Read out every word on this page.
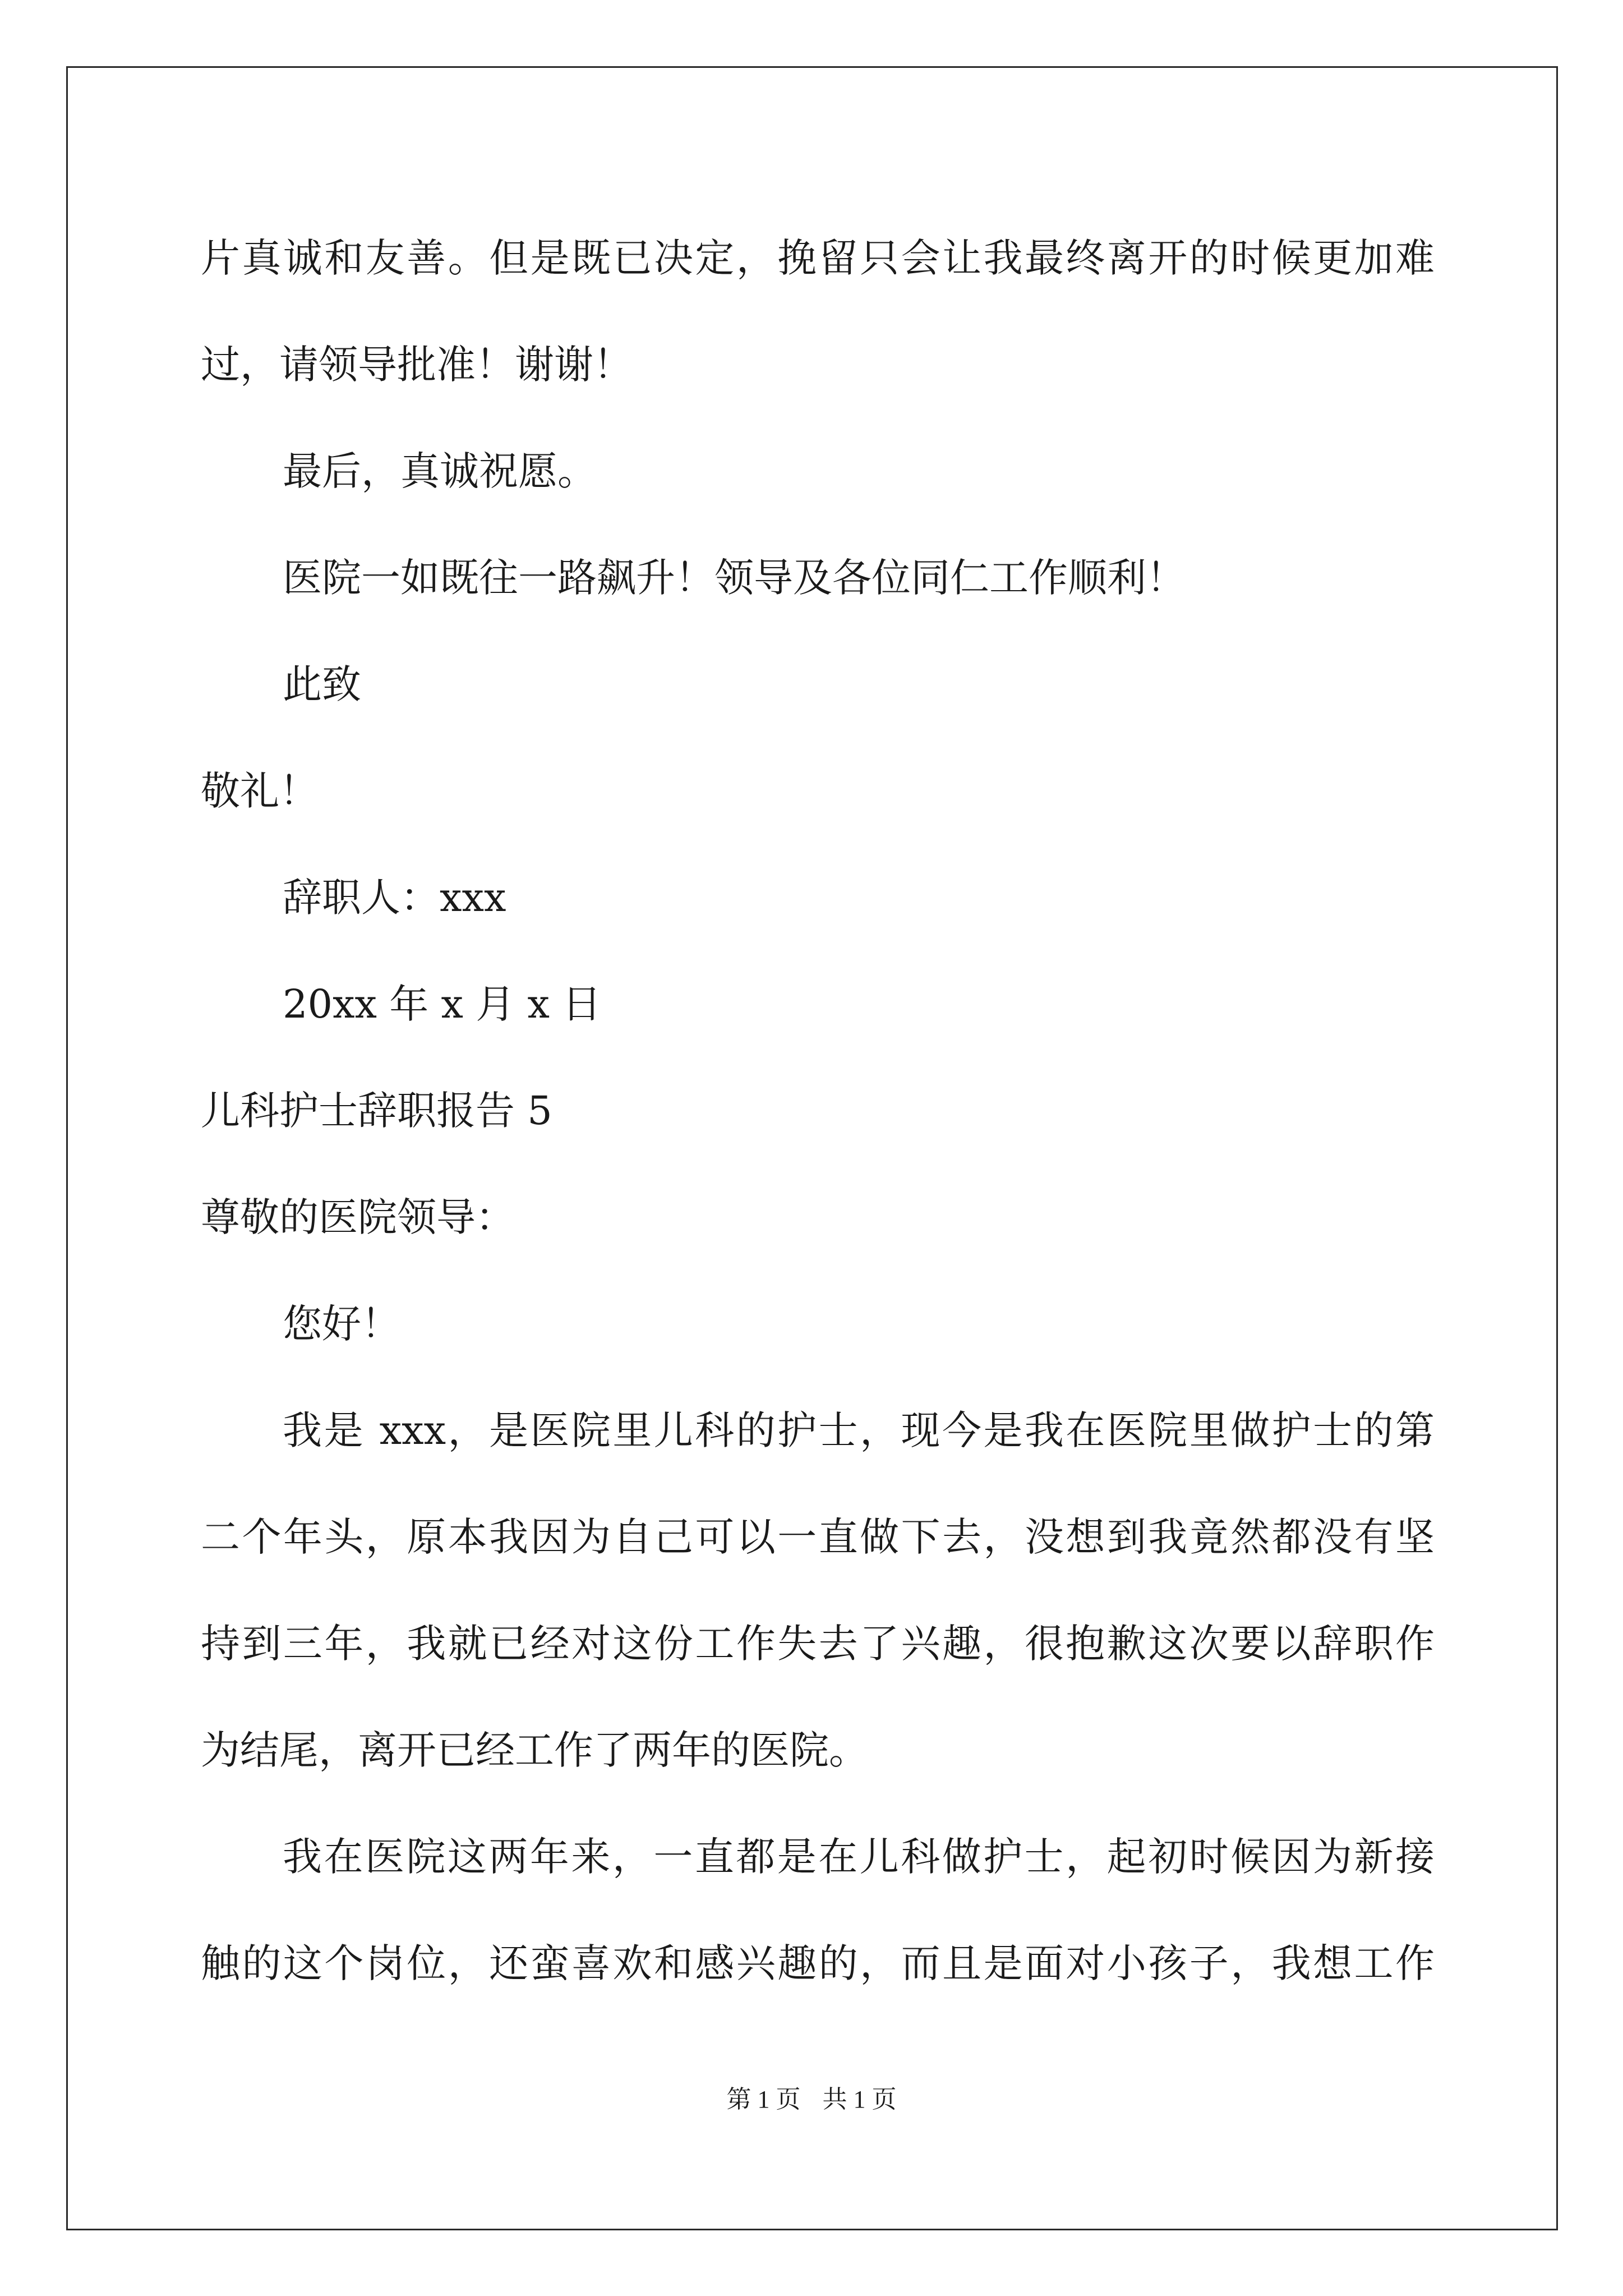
片真诚和友善。但是既已决定，挽留只会让我最终离开的时候更加难
过，请领导批准！谢谢！
最后，真诚祝愿。
医院一如既往一路飙升！领导及各位同仁工作顺利！
此致
敬礼！
辞职人：xxx
20xx 年 x 月 x 日
儿科护士辞职报告 5
尊敬的医院领导：
您好！
我是 xxx，是医院里儿科的护士，现今是我在医院里做护士的第
二个年头，原本我因为自己可以一直做下去，没想到我竟然都没有坚
持到三年，我就已经对这份工作失去了兴趣，很抱歉这次要以辞职作
为结尾，离开已经工作了两年的医院。
我在医院这两年来，一直都是在儿科做护士，起初时候因为新接
触的这个岗位，还蛮喜欢和感兴趣的，而且是面对小孩子，我想工作
第 1 页 共 1 页
